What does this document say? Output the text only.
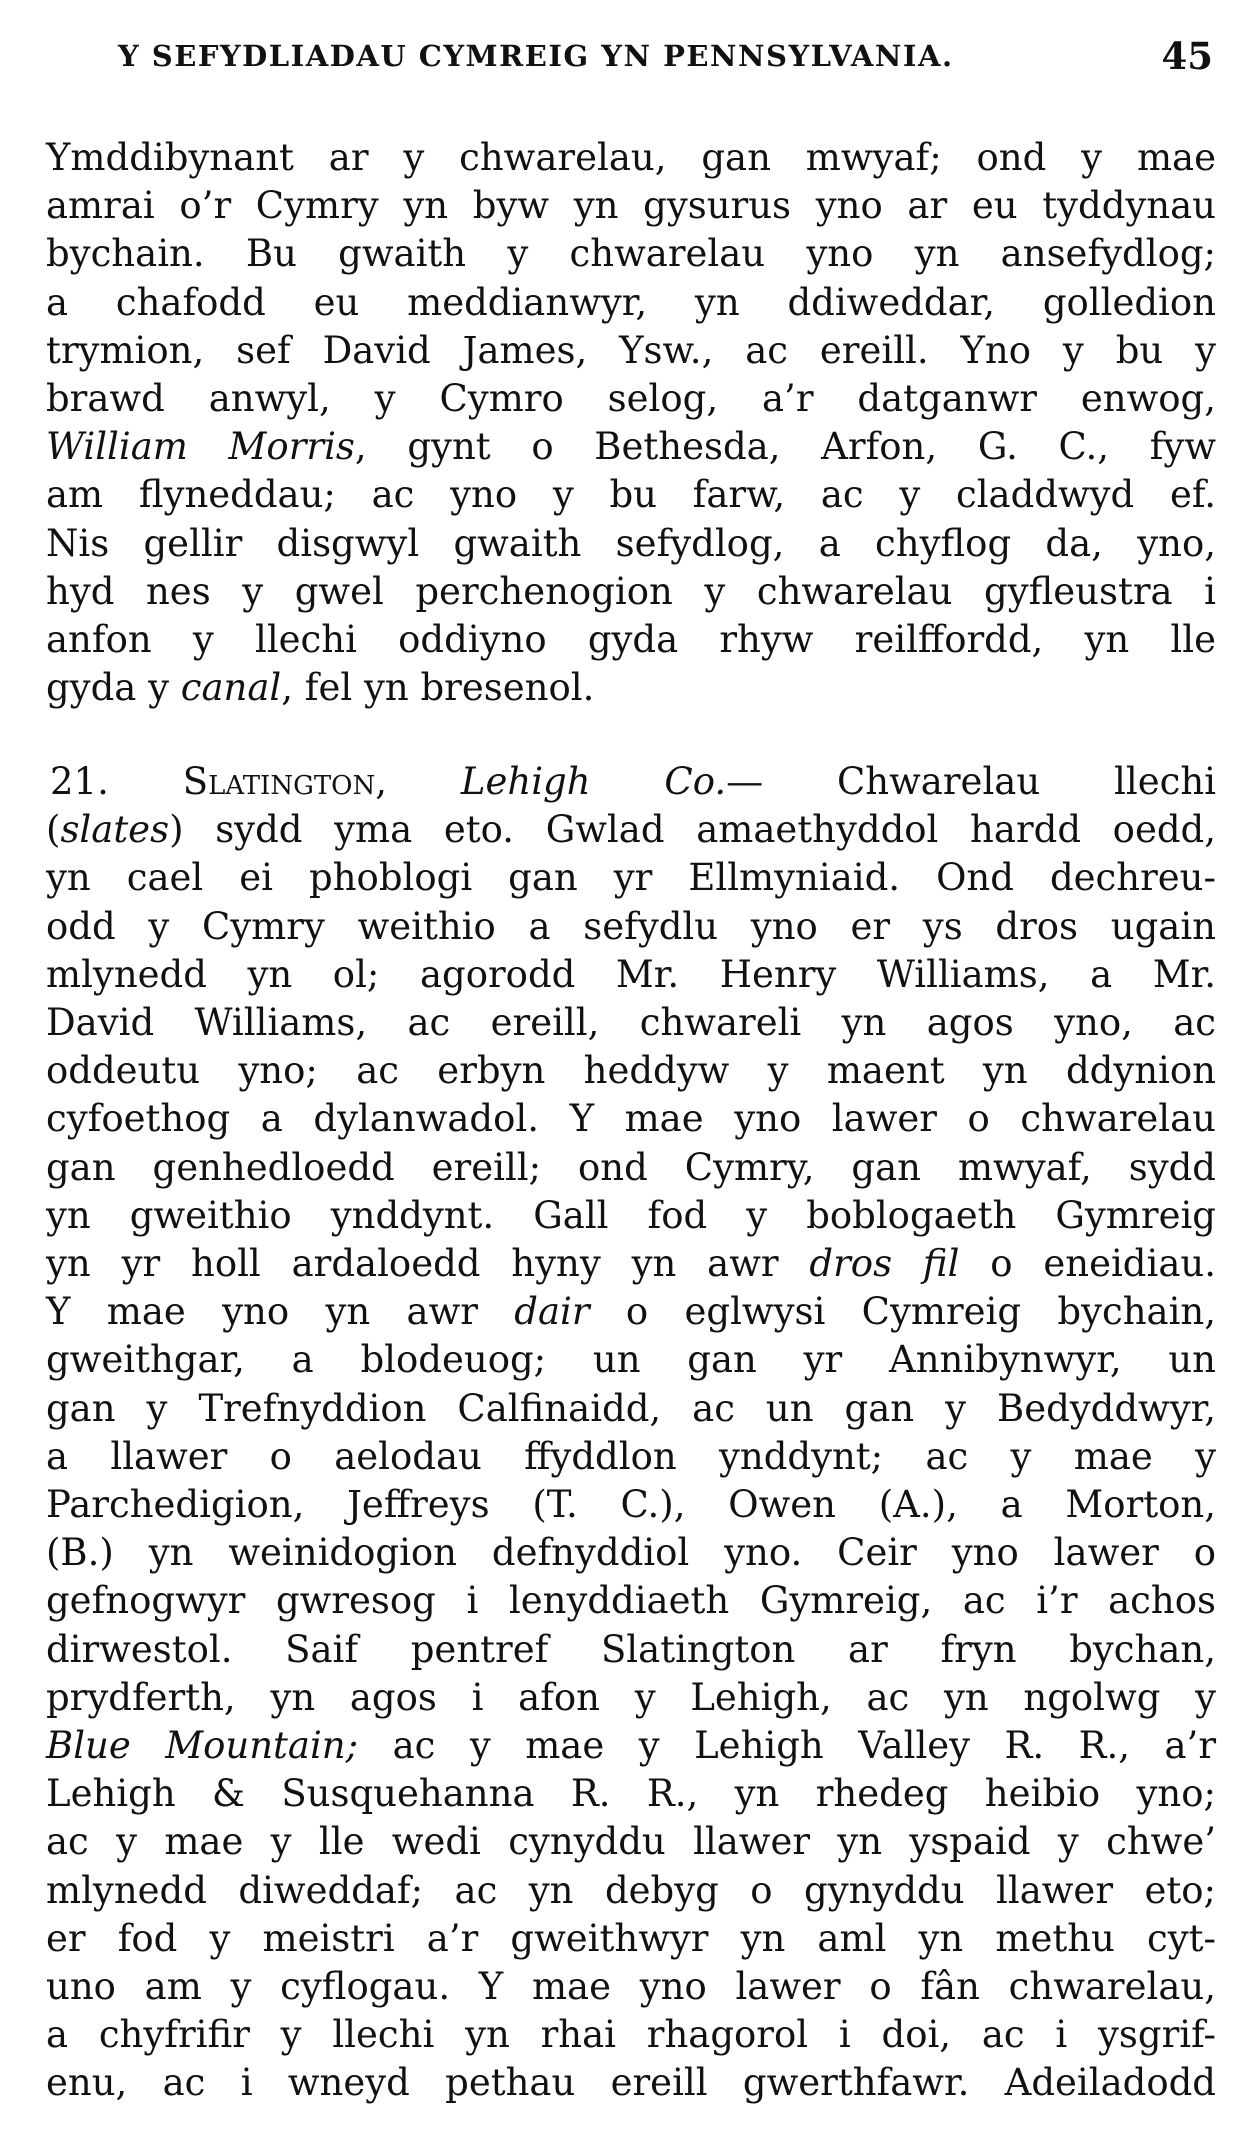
Y SEFYDLIADAU CYMREIG YN PENNSYLVANIA.	45
Ymddibynant ar y chwarelau, gan mwyaf; ond y mae
amrai o’r Cymry yn byw yn gysurus yno ar eu tyddynau
bychain. Bu gwaith y chwarelau yno yn ansefydlog;
a chafodd eu meddianwyr, yn ddiweddar, golledion
trymion, sef David James, Ysw., ac ereill. Yno y bu y
brawd anwyl, y Cymro selog, a’r datganwr enwog,
William Morris, gynt o Bethesda, Arfon, G. C., fyw
am flyneddau; ac yno y bu farw, ac y claddwyd ef.
Nis gellir disgwyl gwaith sefydlog, a chyflog da, yno,
hyd nes y gwel perchenogion y chwarelau gyfleustra i
anfon y llechi oddiyno gyda rhyw reilffordd, yn lle
gyda y canal, fel yn bresenol.
21. Slatington, Lehigh Co.— Chwarelau llechi
(slates) sydd yma eto. Gwlad amaethyddol hardd oedd,
yn cael ei phoblogi gan yr Ellmyniaid. Ond dechreu-
odd y Cymry weithio a sefydlu yno er ys dros ugain
mlynedd yn ol; agorodd Mr. Henry Williams, a Mr.
David Williams, ac ereill, chwareli yn agos yno, ac
oddeutu yno; ac erbyn heddyw y maent yn ddynion
cyfoethog a dylanwadol. Y mae yno lawer o chwarelau
gan genhedloedd ereill; ond Cymry, gan mwyaf, sydd
yn gweithio ynddynt. Gall fod y boblogaeth Gymreig
yn yr holl ardaloedd hyny yn awr dros fil o eneidiau.
Y mae yno yn awr dair o eglwysi Cymreig bychain,
gweithgar, a blodeuog; un gan yr Annibynwyr, un
gan y Trefnyddion Calfinaidd, ac un gan y Bedyddwyr,
a llawer o aelodau ffyddlon ynddynt; ac y mae y
Parchedigion, Jeffreys (T. C.), Owen (A.), a Morton,
(B.) yn weinidogion defnyddiol yno. Ceir yno lawer o
gefnogwyr gwresog i lenyddiaeth Gymreig, ac i’r achos
dirwestol. Saif pentref Slatington ar fryn bychan,
prydferth, yn agos i afon y Lehigh, ac yn ngolwg y
Blue Mountain; ac y mae y Lehigh Valley R. R., a’r
Lehigh & Susquehanna R. R., yn rhedeg heibio yno;
ac y mae y lle wedi cynyddu llawer yn yspaid y chwe’
mlynedd diweddaf; ac yn debyg o gynyddu llawer eto;
er fod y meistri a’r gweithwyr yn aml yn methu cyt-
uno am y cyflogau. Y mae yno lawer o fân chwarelau,
a chyfrifir y llechi yn rhai rhagorol i doi, ac i ysgrif-
enu, ac i wneyd pethau ereill gwerthfawr. Adeiladodd
